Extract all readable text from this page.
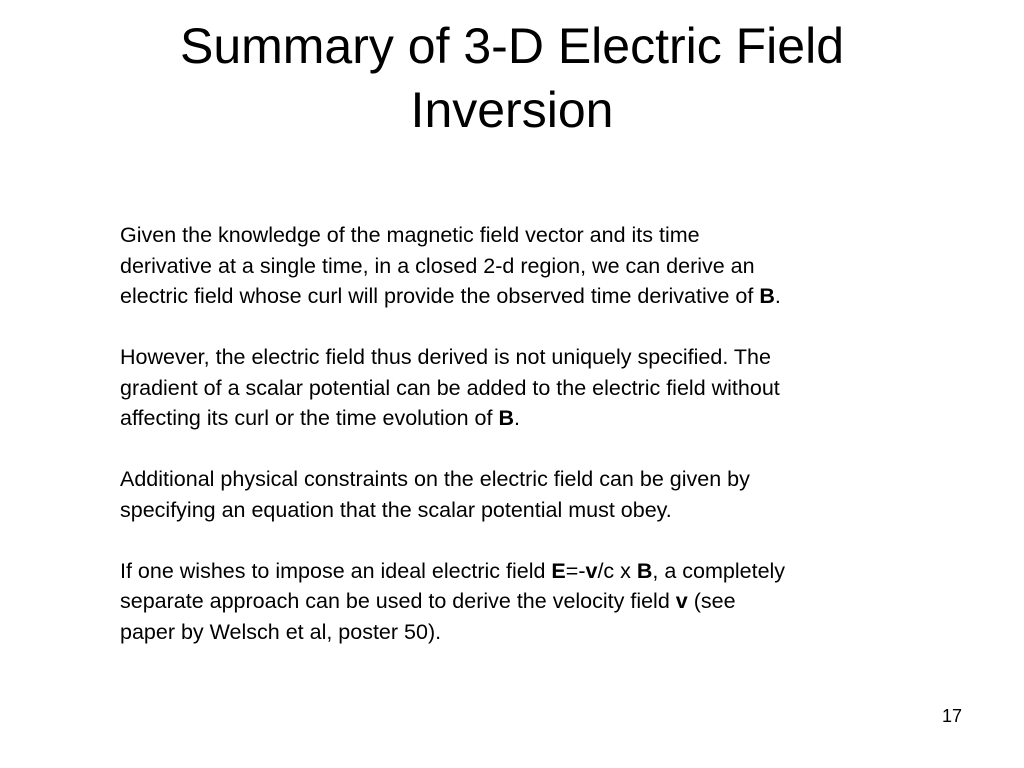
Summary of 3-D Electric Field
Inversion
Given the knowledge of the magnetic field vector and its time
derivative at a single time, in a closed 2-d region, we can derive an
electric field whose curl will provide the observed time derivative of B.
However, the electric field thus derived is not uniquely specified. The
gradient of a scalar potential can be added to the electric field without
affecting its curl or the time evolution of B.
Additional physical constraints on the electric field can be given by
specifying an equation that the scalar potential must obey.
If one wishes to impose an ideal electric field E=-v/c x B, a completely
separate approach can be used to derive the velocity field v (see
paper by Welsch et al, poster 50).
17
